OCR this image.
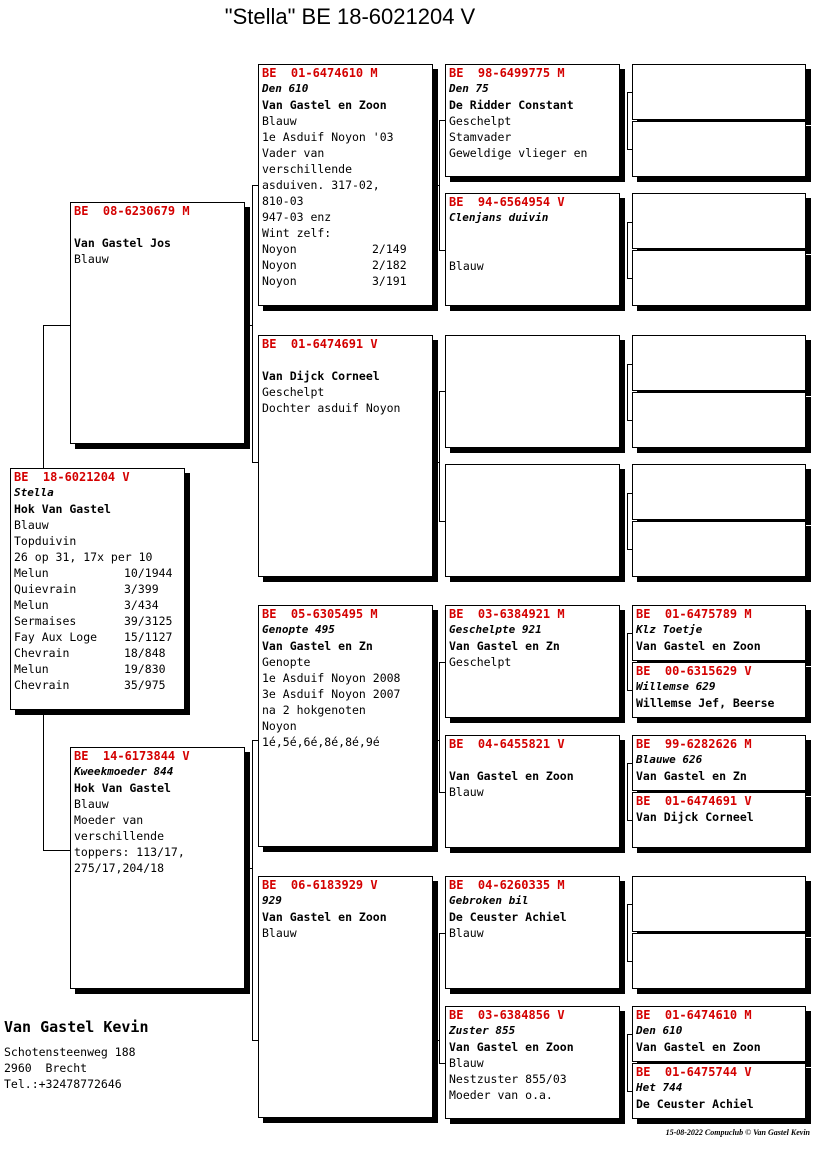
"Stella" BE 18-6021204 V
BE  18-6021204 V
Stella
Hok Van Gastel
Blauw
Topduivin
26 op 31, 17x per 10
Melun	10/1944
Quievrain	3/399
Melun	3/434
Sermaises	39/3125
Fay Aux Loge 15/1127
Chevrain	18/848
Melun	19/830
Chevrain	35/975
BE  08-6230679 M

Van Gastel Jos
Blauw
BE  14-6173844 V
Kweekmoeder 844
Hok Van Gastel
Blauw
Moeder van
verschillende
toppers: 113/17,
275/17,204/18
BE  01-6474610 M
Den 610
Van Gastel en Zoon
Blauw
1e Asduif Noyon '03
Vader van
verschillende
asduiven. 317-02,
810-03
947-03 enz
Wint zelf:
Noyon	2/149
Noyon	2/182
Noyon	3/191
BE  01-6474691 V

Van Dijck Corneel
Geschelpt
Dochter asduif Noyon
BE  05-6305495 M
Genopte 495
Van Gastel en Zn
Genopte
1e Asduif Noyon 2008
3e Asduif Noyon 2007
na 2 hokgenoten
Noyon
1é,5é,6é,8é,8é,9é
BE  06-6183929 V
929
Van Gastel en Zoon
Blauw
BE  98-6499775 M
Den 75
De Ridder Constant
Geschelpt
Stamvader
Geweldige vlieger en
BE  94-6564954 V
Clenjans duivin

Blauw

BE  03-6384921 M
Geschelpte 921
Van Gastel en Zn
Geschelpt
BE  04-6455821 V

Van Gastel en Zoon
Blauw
BE  04-6260335 M
Gebroken bil
De Ceuster Achiel
Blauw
BE  03-6384856 V
Zuster 855
Van Gastel en Zoon
Blauw
Nestzuster 855/03
Moeder van o.a.
BE  01-6475789 M
Klz Toetje
Van Gastel en Zoon
BE  00-6315629 V
Willemse 629
Willemse Jef, Beerse
BE  99-6282626 M
Blauwe 626
Van Gastel en Zn
BE  01-6474691 V
Van Dijck Corneel
BE  01-6474610 M
Den 610
Van Gastel en Zoon
BE  01-6475744 V
Het 744
De Ceuster Achiel
Van Gastel Kevin
Schotensteenweg 188
2960  Brecht
Tel.:+32478772646
15-08-2022 Compuclub © Van Gastel Kevin
